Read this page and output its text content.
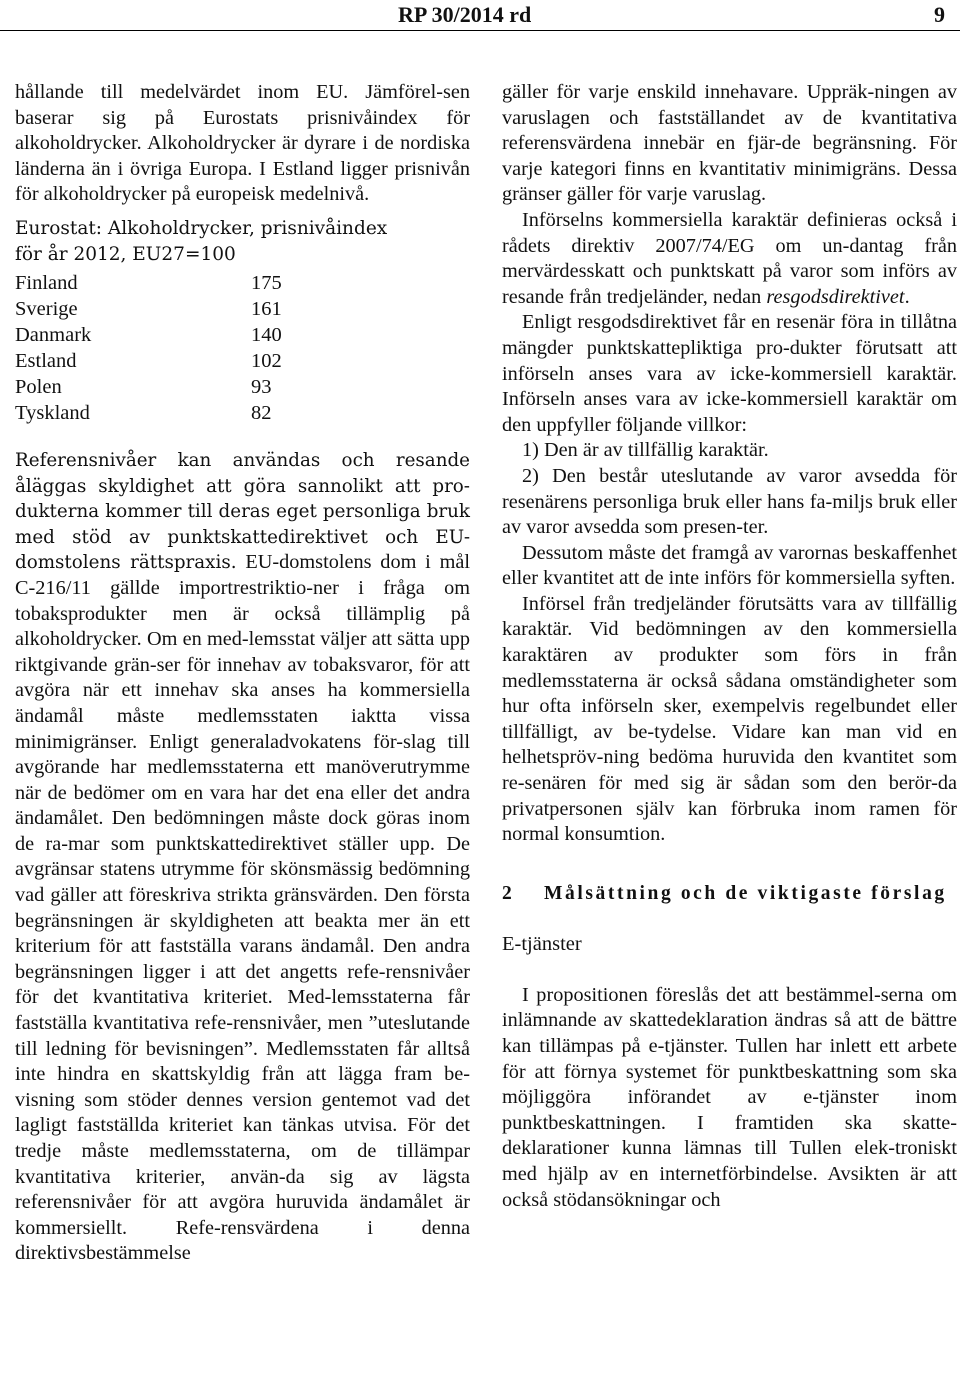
RP 30/2014 rd	9

hållande till medelvärdet inom EU. Jämförel-sen baserar sig på Eurostats prisnivåindex för alkoholdrycker. Alkoholdrycker är dyrare i de nordiska länderna än i övriga Europa. I Estland ligger prisnivån för alkoholdrycker på europeisk medelnivå.

Eurostat: Alkoholdrycker, prisnivåindex
för år 2012, EU27=100
Finland	175
Sverige	161
Danmark	140
Estland	102
Polen	93
Tyskland	82

Referensnivåer kan användas och resande åläggas skyldighet att göra sannolikt att pro-dukterna kommer till deras eget personliga bruk med stöd av punktskattedirektivet och EU-domstolens rättspraxis. EU-domstolens dom i mål C-216/11 gällde importrestriktio-ner i fråga om tobaksprodukter men är också tillämplig på alkoholdrycker. Om en med-lemsstat väljer att sätta upp riktgivande grän-ser för innehav av tobaksvaror, för att avgöra när ett innehav ska anses ha kommersiella ändamål måste medlemsstaten iaktta vissa minimigränser. Enligt generaladvokatens för-slag till avgörande har medlemsstaterna ett manöverutrymme när de bedömer om en vara har det ena eller det andra ändamålet. Den bedömningen måste dock göras inom de ra-mar som punktskattedirektivet ställer upp. De avgränsar statens utrymme för skönsmässig bedömning vad gäller att föreskriva strikta gränsvärden. Den första begränsningen är skyldigheten att beakta mer än ett kriterium för att fastställa varans ändamål. Den andra begränsningen ligger i att det angetts refe-rensnivåer för det kvantitativa kriteriet. Med-lemsstaterna får fastställa kvantitativa refe-rensnivåer, men ”uteslutande till ledning för bevisningen”. Medlemsstaten får alltså inte hindra en skattskyldig från att lägga fram be-visning som stöder dennes version gentemot vad det lagligt fastställda kriteriet kan tänkas utvisa. För det tredje måste medlemsstaterna, om de tillämpar kvantitativa kriterier, använ-da sig av lägsta referensnivåer för att avgöra huruvida ändamålet är kommersiellt. Refe-rensvärdena i denna direktivsbestämmelse

gäller för varje enskild innehavare. Uppräk-ningen av varuslagen och fastställandet av de kvantitativa referensvärdena innebär en fjär-de begränsning. För varje kategori finns en kvantitativ minimigräns. Dessa gränser gäller för varje varuslag.

Införselns kommersiella karaktär definieras också i rådets direktiv 2007/74/EG om un-dantag från mervärdesskatt och punktskatt på varor som införs av resande från tredjeländer, nedan resgodsdirektivet.

Enligt resgodsdirektivet får en resenär föra in tillåtna mängder punktskattepliktiga pro-dukter förutsatt att införseln anses vara av icke-kommersiell karaktär. Införseln anses vara av icke-kommersiell karaktär om den uppfyller följande villkor:

1) Den är av tillfällig karaktär.

2) Den består uteslutande av varor avsedda för resenärens personliga bruk eller hans fa-miljs bruk eller av varor avsedda som presen-ter.

Dessutom måste det framgå av varornas beskaffenhet eller kvantitet att de inte införs för kommersiella syften.

Införsel från tredjeländer förutsätts vara av tillfällig karaktär. Vid bedömningen av den kommersiella karaktären av produkter som förs in från medlemsstaterna är också sådana omständigheter som hur ofta införseln sker, exempelvis regelbundet eller tillfälligt, av be-tydelse. Vidare kan man vid en helhetspröv-ning bedöma huruvida den kvantitet som re-senären för med sig är sådan som den berör-da privatpersonen själv kan förbruka inom ramen för normal konsumtion.

2	Målsättning och de viktigaste förslag
E-tjänster

I propositionen föreslås det att bestämmel-serna om inlämnande av skattedeklaration ändras så att de bättre kan tillämpas på e-tjänster. Tullen har inlett ett arbete för att förnya systemet för punktbeskattning som ska möjliggöra införandet av e-tjänster inom punktbeskattningen. I framtiden ska skatte-deklarationer kunna lämnas till Tullen elek-troniskt med hjälp av en internetförbindelse. Avsikten är att också stödansökningar och
